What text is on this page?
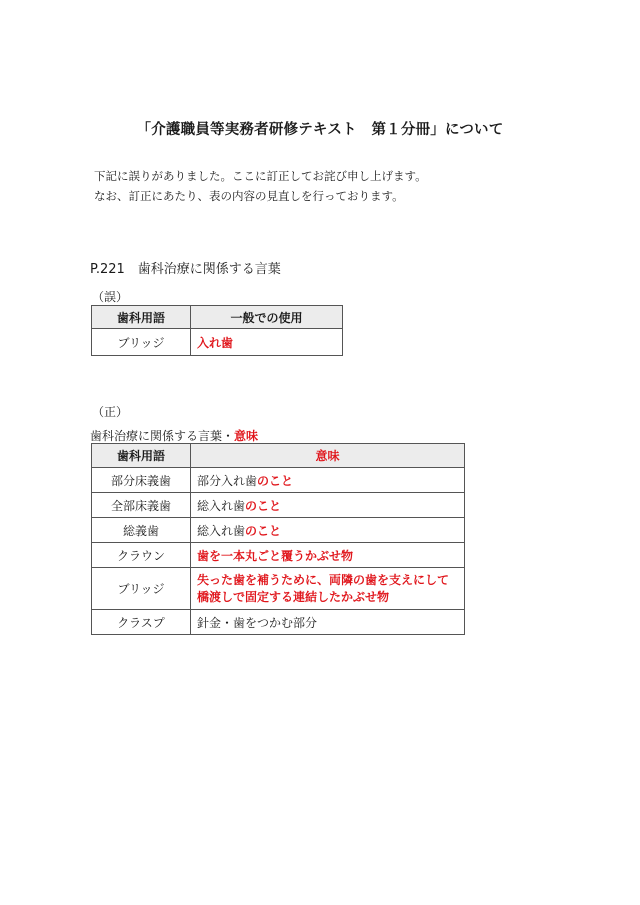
「介護職員等実務者研修テキスト　第１分冊」について
下記に誤りがありました。ここに訂正してお詫び申し上げます。
なお、訂正にあたり、表の内容の見直しを行っております。
P.221　歯科治療に関係する言葉
（誤）
歯科用語	一般での使用
ブリッジ	入れ歯
（正）
歯科治療に関係する言葉・意味
歯科用語	意味
部分床義歯	部分入れ歯のこと
全部床義歯	総入れ歯のこと
総義歯	総入れ歯のこと
クラウン	歯を一本丸ごと覆うかぶせ物
ブリッジ	失った歯を補うために、両隣の歯を支えにして橋渡しで固定する連結したかぶせ物
クラスプ	針金・歯をつかむ部分
